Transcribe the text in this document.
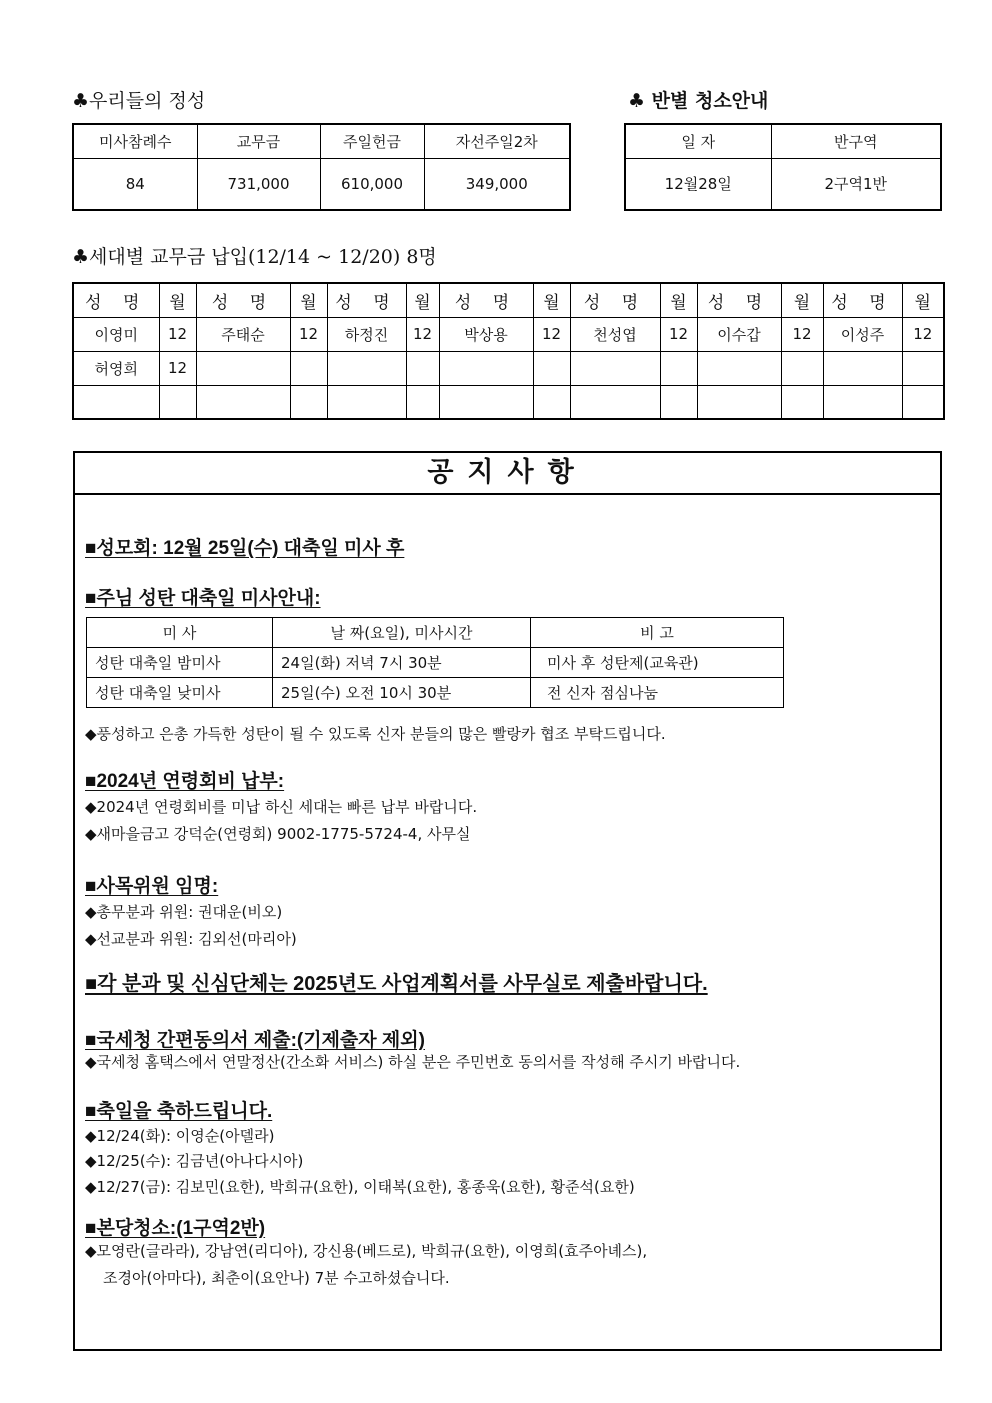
♣우리들의 정성
미사참례수	교무금	주일헌금	자선주일2차
84	731,000	610,000	349,000
♣ 반별 청소안내
일 자	반구역
12월28일	2구역1반
♣세대별 교무금 납입(12/14 ~ 12/20) 8명
성 명	월	성 명	월	성 명	월	성 명	월	성 명	월	성 명	월	성 명	월
이영미	12	주태순	12	하정진	12	박상용	12	천성엽	12	이수갑	12	이성주	12
허영희	12												

공지사항
■성모회: 12월 25일(수) 대축일 미사 후
■주님 성탄 대축일 미사안내:
미 사	날 짜(요일), 미사시간	비 고
성탄 대축일 밤미사	24일(화) 저녁 7시 30분	미사 후 성탄제(교육관)
성탄 대축일 낮미사	25일(수) 오전 10시 30분	전 신자 점심나눔
◆풍성하고 은총 가득한 성탄이 될 수 있도록 신자 분들의 많은 빨랑카 협조 부탁드립니다.
■2024년 연령회비 납부:
◆2024년 연령회비를 미납 하신 세대는 빠른 납부 바랍니다.
◆새마을금고 강덕순(연령회) 9002-1775-5724-4, 사무실
■사목위원 임명:
◆총무분과 위원: 권대운(비오)
◆선교분과 위원: 김외선(마리아)
■각 분과 및 신심단체는 2025년도 사업계획서를 사무실로 제출바랍니다.
■국세청 간편동의서 제출:(기제출자 제외)
◆국세청 홈택스에서 연말정산(간소화 서비스) 하실 분은 주민번호 동의서를 작성해 주시기 바랍니다.
■축일을 축하드립니다.
◆12/24(화): 이영순(아델라)
◆12/25(수): 김금년(아나다시아)
◆12/27(금): 김보민(요한), 박희규(요한), 이태복(요한), 홍종욱(요한), 황준석(요한)
■본당청소:(1구역2반)
◆모영란(글라라), 강남연(리디아), 강신용(베드로), 박희규(요한), 이영희(효주아녜스),
조경아(아마다), 최춘이(요안나) 7분 수고하셨습니다.
